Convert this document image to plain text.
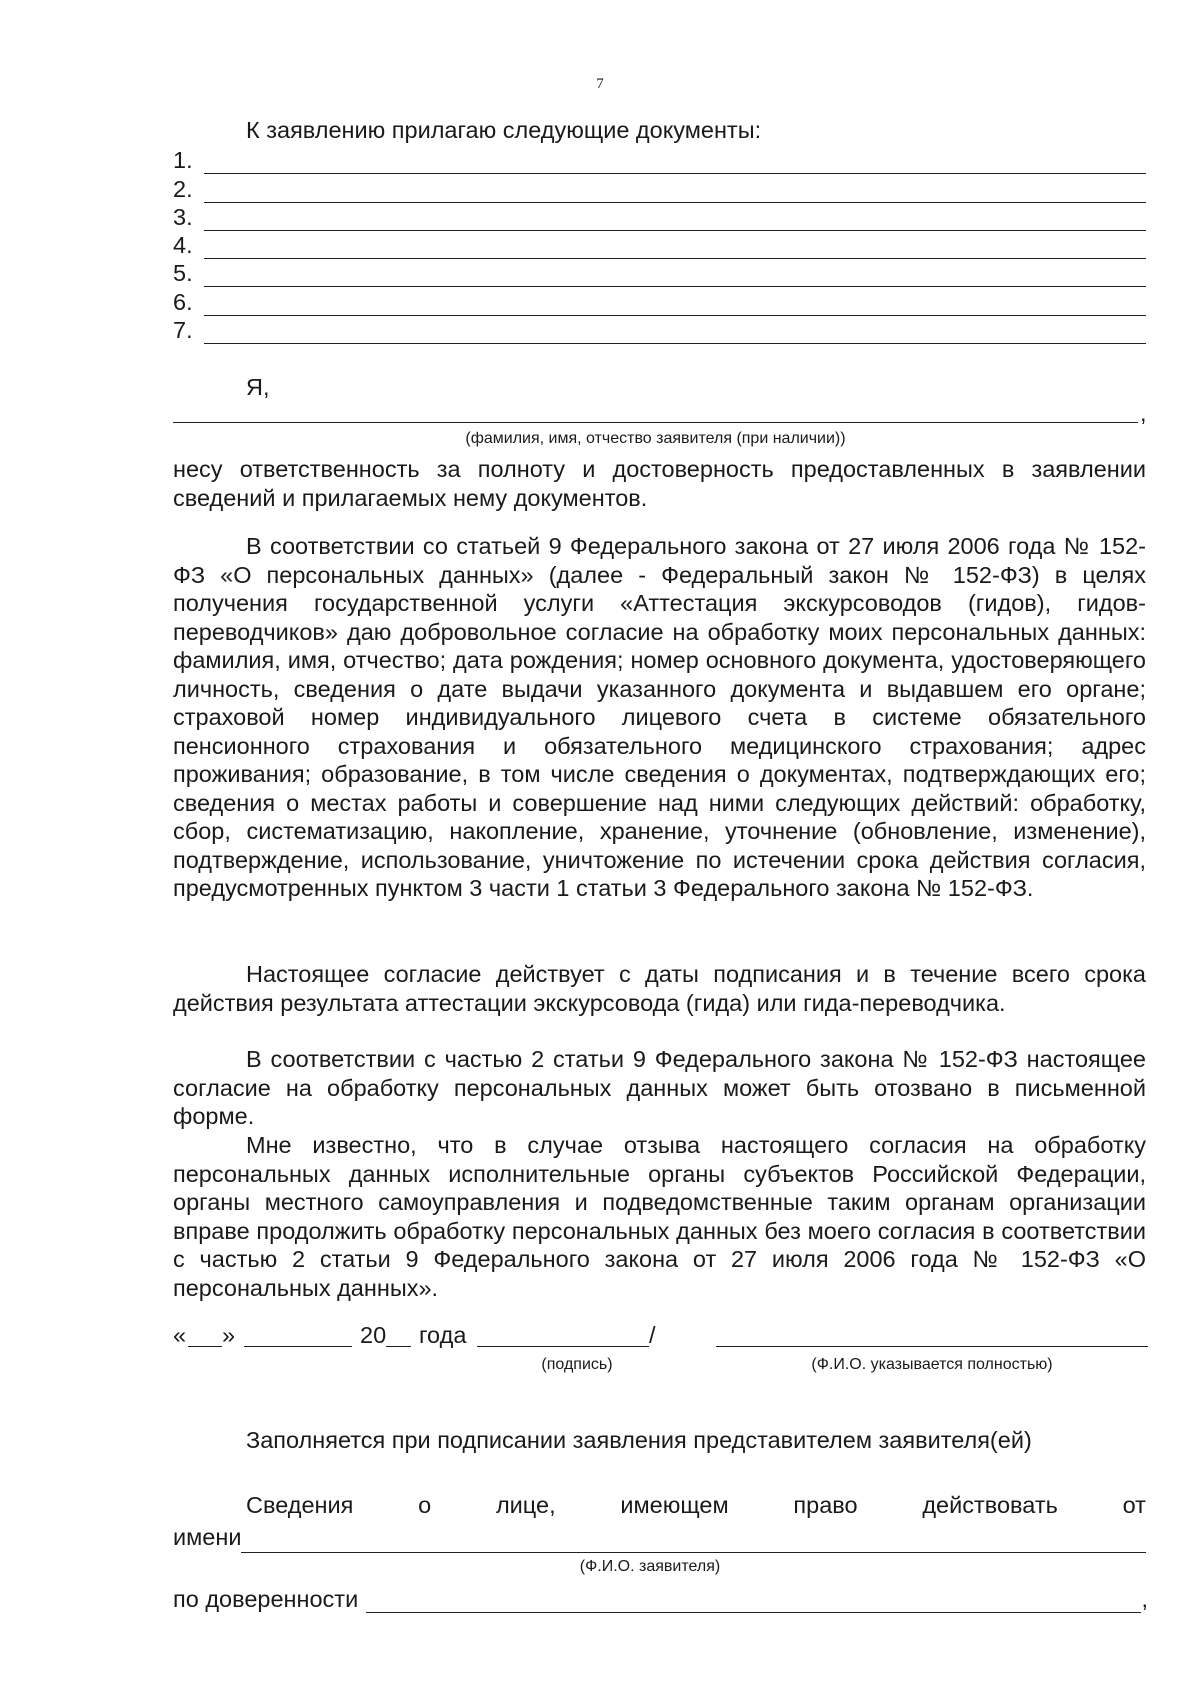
7
К заявлению прилагаю следующие документы:
1.
2.
3.
4.
5.
6.
7.
Я,
,
(фамилия, имя, отчество заявителя (при наличии))
несу ответственность за полноту и достоверность предоставленных в заявлении сведений и прилагаемых нему документов.
В соответствии со статьей 9 Федерального закона от 27 июля 2006 года № 152-ФЗ «О персональных данных» (далее - Федеральный закон № 152-ФЗ) в целях получения государственной услуги «Аттестация экскурсоводов (гидов), гидов-переводчиков» даю добровольное согласие на обработку моих персональных данных: фамилия, имя, отчество; дата рождения; номер основного документа, удостоверяющего личность, сведения о дате выдачи указанного документа и выдавшем его органе; страховой номер индивидуального лицевого счета в системе обязательного пенсионного страхования и обязательного медицинского страхования; адрес проживания; образование, в том числе сведения о документах, подтверждающих его; сведения о местах работы и совершение над ними следующих действий: обработку, сбор, систематизацию, накопление, хранение, уточнение (обновление, изменение), подтверждение, использование, уничтожение по истечении срока действия согласия, предусмотренных пунктом 3 части 1 статьи 3 Федерального закона № 152-ФЗ.
Настоящее согласие действует с даты подписания и в течение всего срока действия результата аттестации экскурсовода (гида) или гида-переводчика.
В соответствии с частью 2 статьи 9 Федерального закона № 152-ФЗ настоящее согласие на обработку персональных данных может быть отозвано в письменной форме.
Мне известно, что в случае отзыва настоящего согласия на обработку персональных данных исполнительные органы субъектов Российской Федерации, органы местного самоуправления и подведомственные таким органам организации вправе продолжить обработку персональных данных без моего согласия в соответствии с частью 2 статьи 9 Федерального закона от 27 июля 2006 года № 152-ФЗ «О персональных данных».
« »	20 года	/
(подпись)	(Ф.И.О. указывается полностью)
Заполняется при подписании заявления представителем заявителя(ей)
Сведения	о	лице,	имеющем	право	действовать	от
имени
(Ф.И.О. заявителя)
по доверенности	,
